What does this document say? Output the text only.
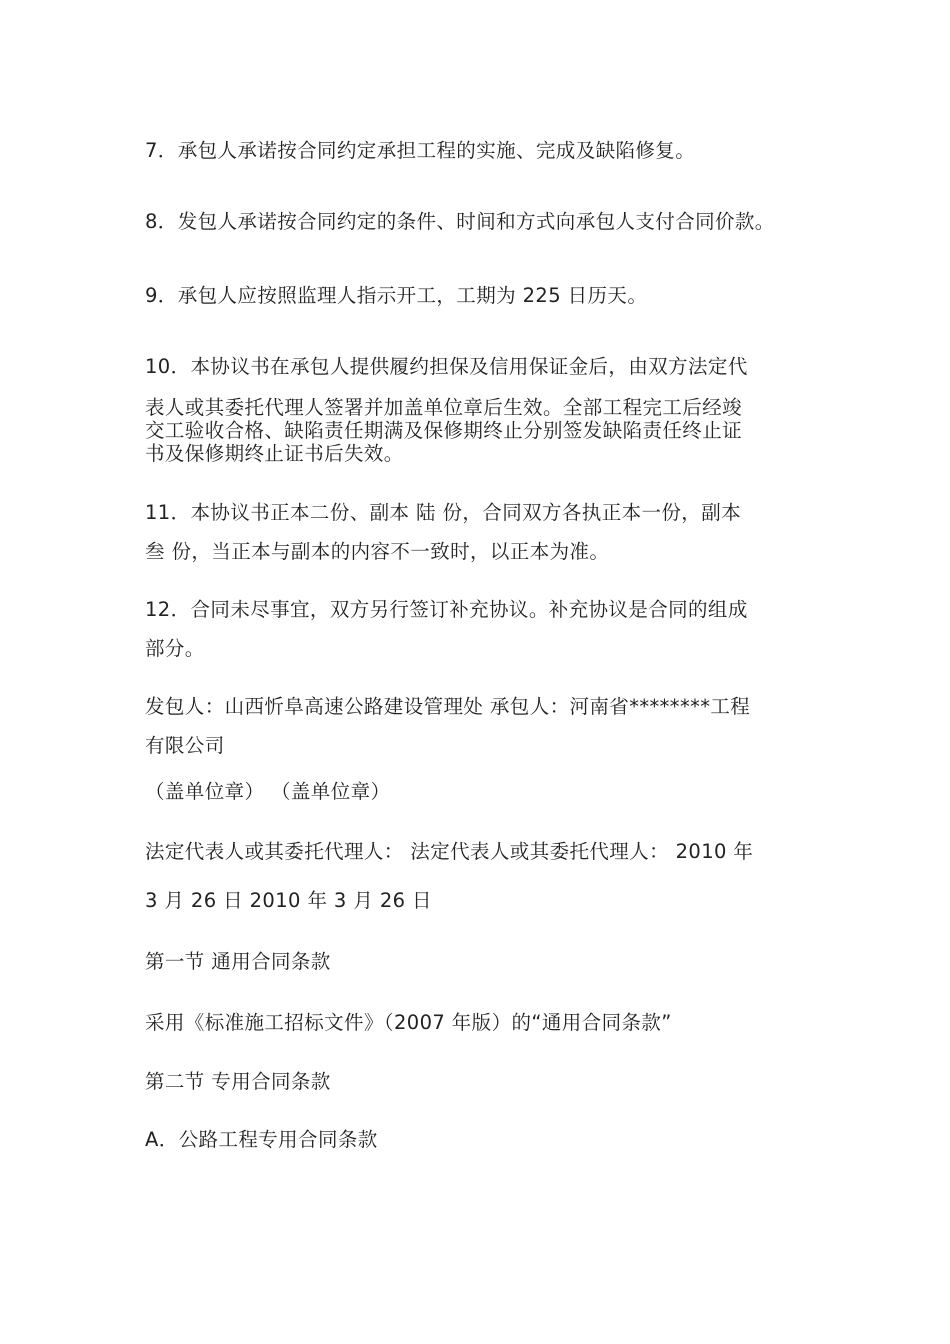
7．承包人承诺按合同约定承担工程的实施、完成及缺陷修复。
8．发包人承诺按合同约定的条件、时间和方式向承包人支付合同价款。
9．承包人应按照监理人指示开工，工期为 225 日历天。
10．本协议书在承包人提供履约担保及信用保证金后，由双方法定代
表人或其委托代理人签署并加盖单位章后生效。全部工程完工后经竣
交工验收合格、缺陷责任期满及保修期终止分别签发缺陷责任终止证
书及保修期终止证书后失效。
11．本协议书正本二份、副本 陆 份，合同双方各执正本一份，副本
叁 份，当正本与副本的内容不一致时，以正本为准。
12．合同未尽事宜，双方另行签订补充协议。补充协议是合同的组成
部分。
发包人：山西忻阜高速公路建设管理处 承包人：河南省********工程
有限公司
（盖单位章） （盖单位章）
法定代表人或其委托代理人： 法定代表人或其委托代理人： 2010 年
3 月 26 日 2010 年 3 月 26 日
第一节 通用合同条款
采用《标准施工招标文件》（2007 年版）的“通用合同条款”
第二节 专用合同条款
A．公路工程专用合同条款
